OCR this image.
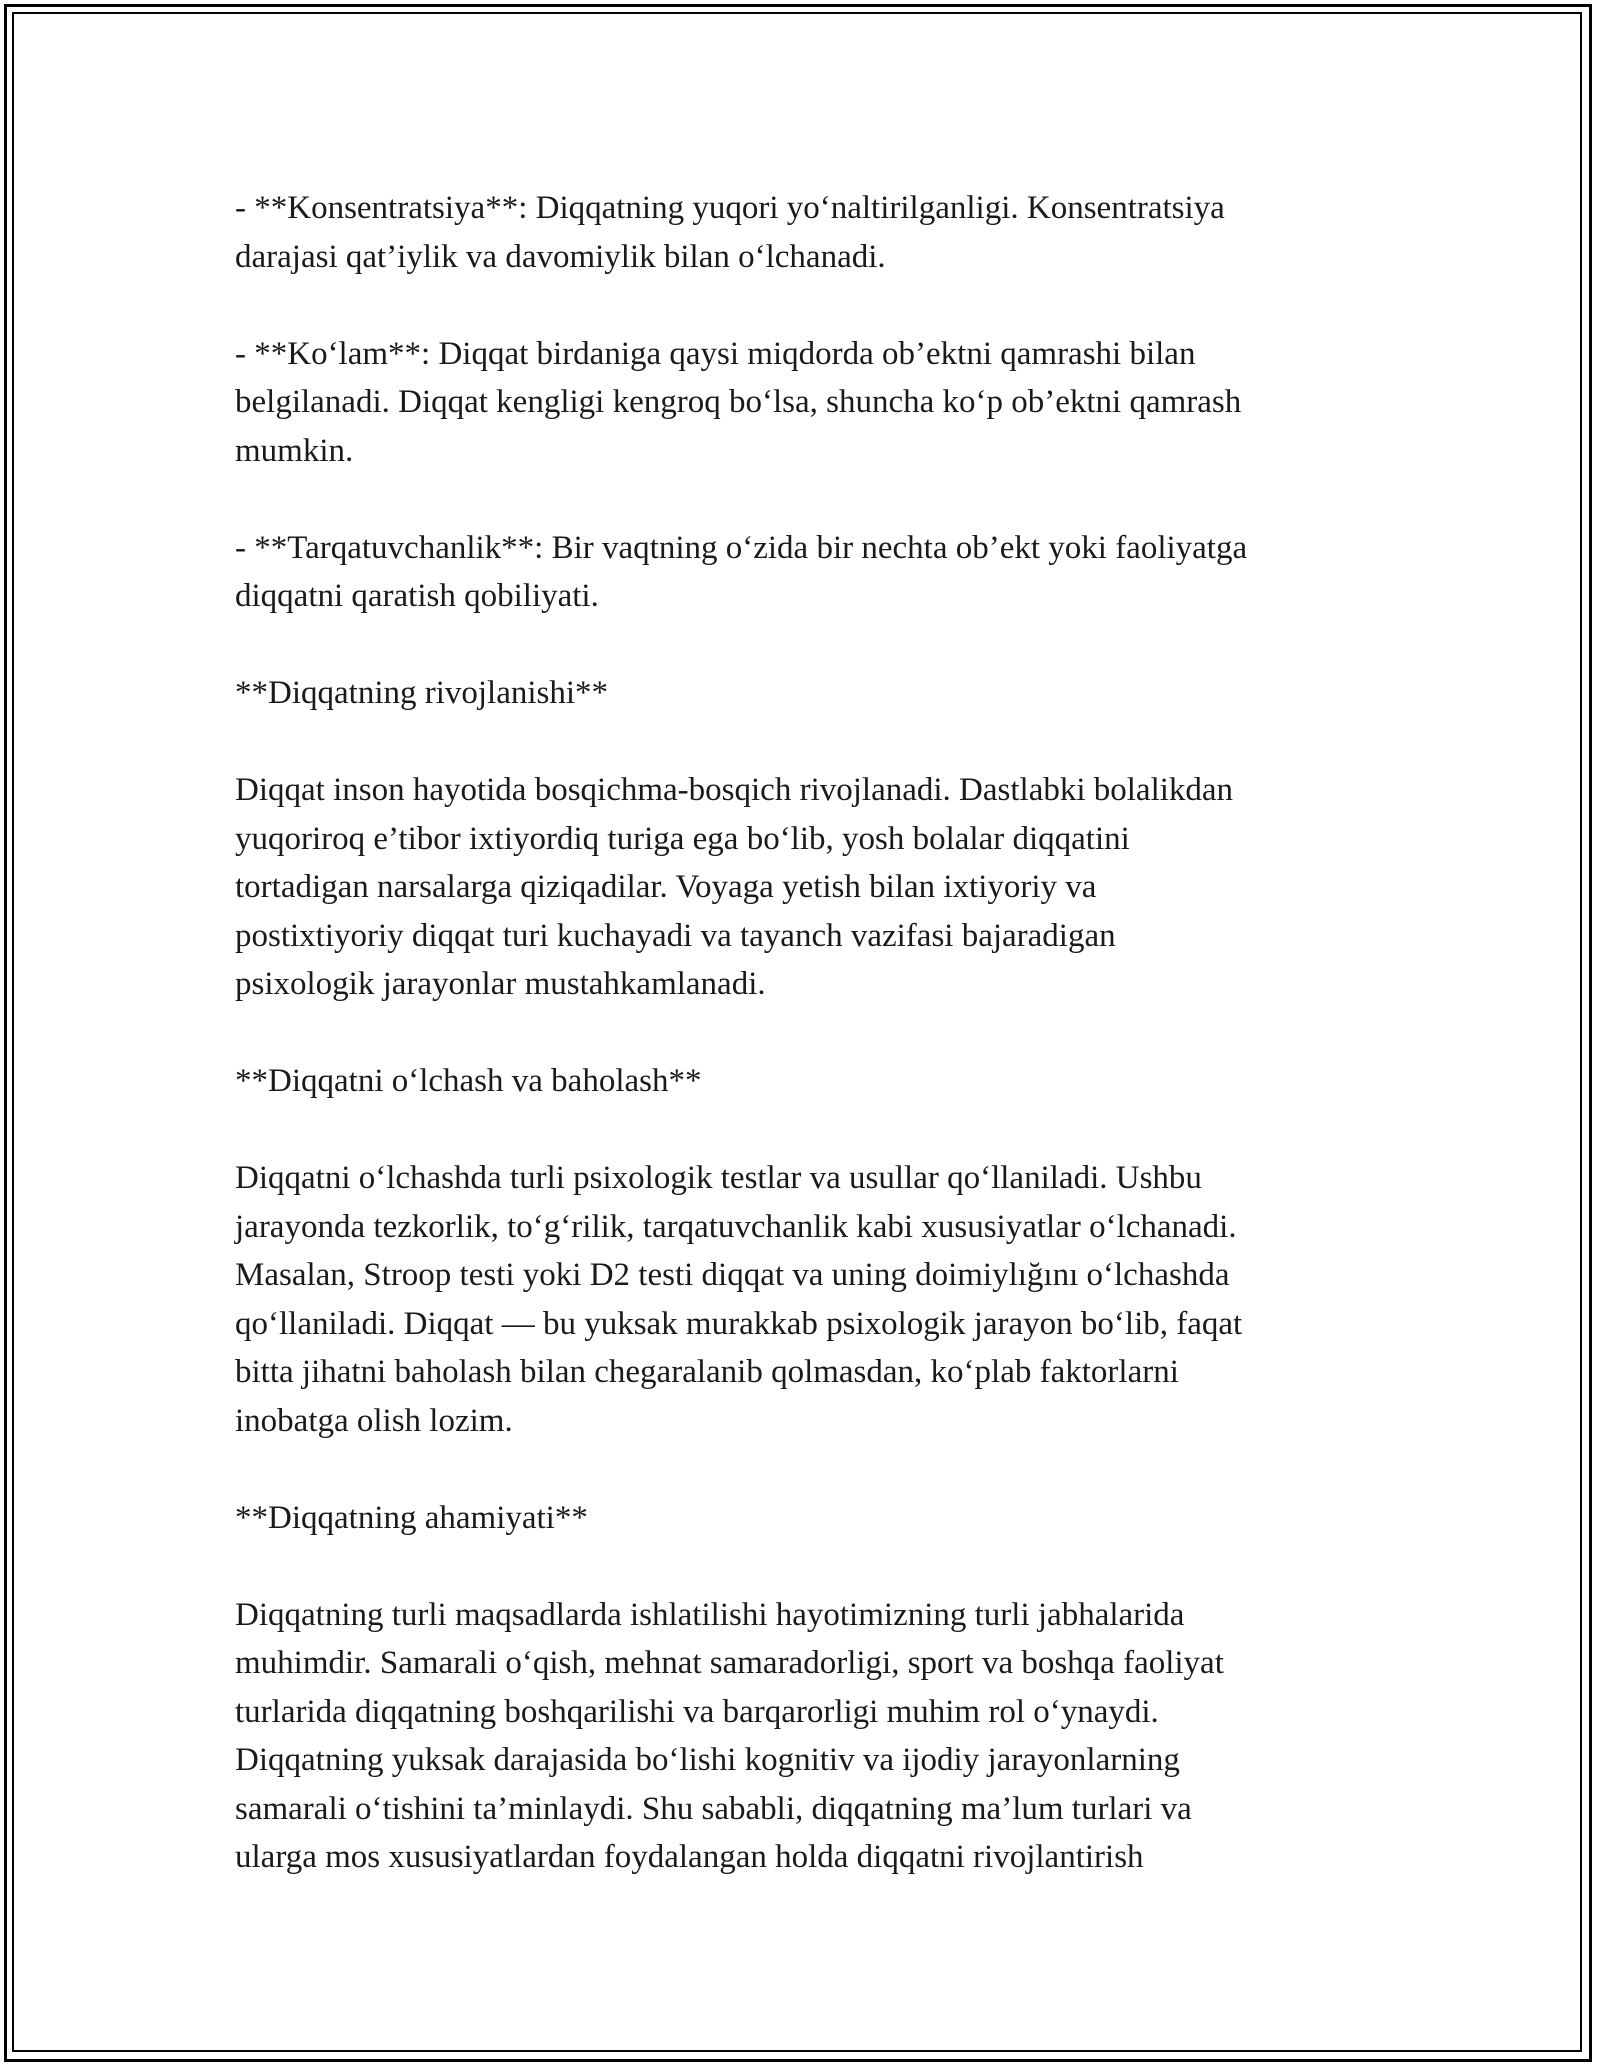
- **Konsentratsiya**: Diqqatning yuqori yo‘naltirilganligi. Konsentratsiya
darajasi qat’iylik va davomiylik bilan o‘lchanadi.

- **Ko‘lam**: Diqqat birdaniga qaysi miqdorda ob’ektni qamrashi bilan
belgilanadi. Diqqat kengligi kengroq bo‘lsa, shuncha ko‘p ob’ektni qamrash
mumkin.

- **Tarqatuvchanlik**: Bir vaqtning o‘zida bir nechta ob’ekt yoki faoliyatga
diqqatni qaratish qobiliyati.

**Diqqatning rivojlanishi**

Diqqat inson hayotida bosqichma-bosqich rivojlanadi. Dastlabki bolalikdan
yuqoriroq e’tibor ixtiyordiq turiga ega bo‘lib, yosh bolalar diqqatini
tortadigan narsalarga qiziqadilar. Voyaga yetish bilan ixtiyoriy va
postixtiyoriy diqqat turi kuchayadi va tayanch vazifasi bajaradigan
psixologik jarayonlar mustahkamlanadi.

**Diqqatni o‘lchash va baholash**

Diqqatni o‘lchashda turli psixologik testlar va usullar qo‘llaniladi. Ushbu
jarayonda tezkorlik, to‘g‘rilik, tarqatuvchanlik kabi xususiyatlar o‘lchanadi.
Masalan, Stroop testi yoki D2 testi diqqat va uning doimiylığını o‘lchashda
qo‘llaniladi. Diqqat — bu yuksak murakkab psixologik jarayon bo‘lib, faqat
bitta jihatni baholash bilan chegaralanib qolmasdan, ko‘plab faktorlarni
inobatga olish lozim.

**Diqqatning ahamiyati**

Diqqatning turli maqsadlarda ishlatilishi hayotimizning turli jabhalarida
muhimdir. Samarali o‘qish, mehnat samaradorligi, sport va boshqa faoliyat
turlarida diqqatning boshqarilishi va barqarorligi muhim rol o‘ynaydi.
Diqqatning yuksak darajasida bo‘lishi kognitiv va ijodiy jarayonlarning
samarali o‘tishini ta’minlaydi. Shu sababli, diqqatning ma’lum turlari va
ularga mos xususiyatlardan foydalangan holda diqqatni rivojlantirish
